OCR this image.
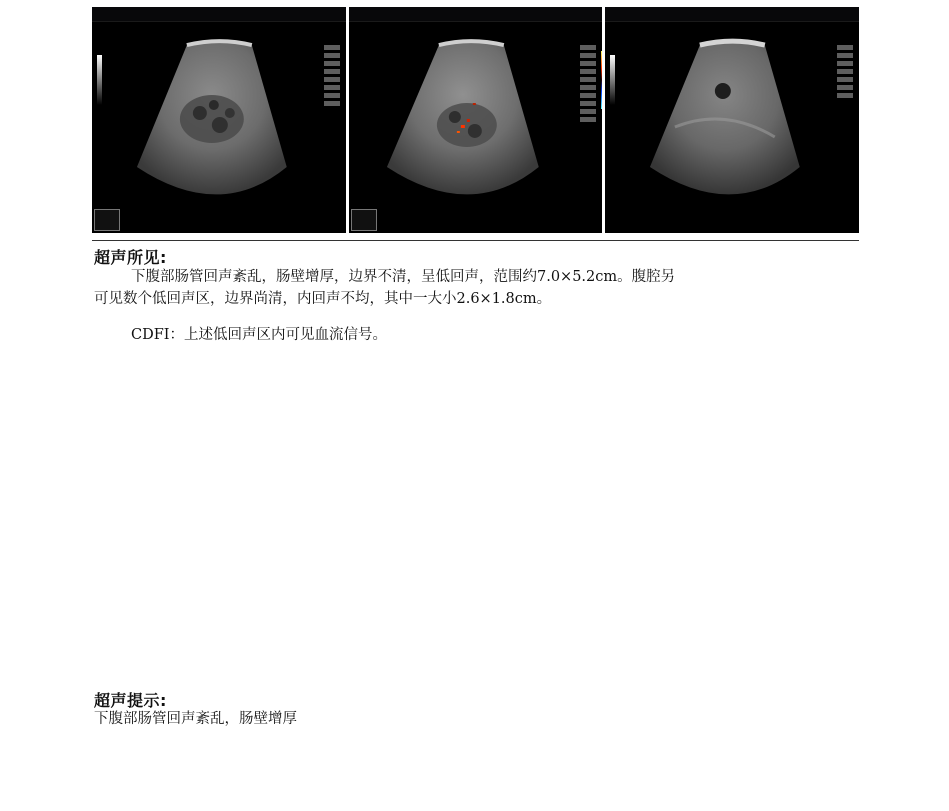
超声所见:
下腹部肠管回声紊乱，肠壁增厚，边界不清，呈低回声，范围约7.0×5.2cm。腹腔另
可见数个低回声区，边界尚清，内回声不均，其中一大小2.6×1.8cm。
CDFI：上述低回声区内可见血流信号。
超声提示:
下腹部肠管回声紊乱，肠壁增厚
